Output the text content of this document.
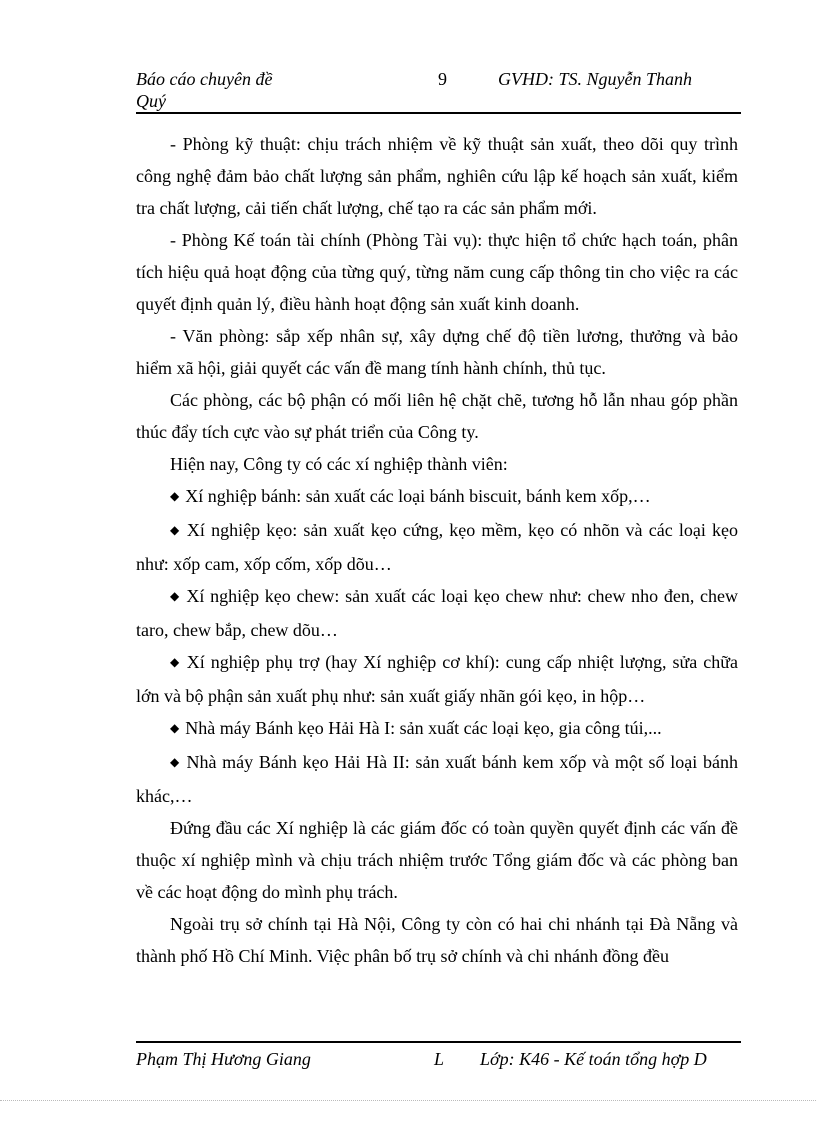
Báo cáo chuyên đề
Quý
9	GVHD: TS. Nguyễn Thanh

- Phòng kỹ thuật: chịu trách nhiệm về kỹ thuật sản xuất, theo dõi quy trình công nghệ đảm bảo chất lượng sản phẩm, nghiên cứu lập kế hoạch sản xuất, kiểm tra chất lượng, cải tiến chất lượng, chế tạo ra các sản phẩm mới.

- Phòng Kế toán tài chính (Phòng Tài vụ): thực hiện tổ chức hạch toán, phân tích hiệu quả hoạt động của từng quý, từng năm cung cấp thông tin cho việc ra các quyết định quản lý, điều hành hoạt động sản xuất kinh doanh.

- Văn phòng: sắp xếp nhân sự, xây dựng chế độ tiền lương, thưởng và bảo hiểm xã hội, giải quyết các vấn đề mang tính hành chính, thủ tục.

Các phòng, các bộ phận có mối liên hệ chặt chẽ, tương hỗ lẫn nhau góp phần thúc đẩy tích cực vào sự phát triển của Công ty.

Hiện nay, Công ty có các xí nghiệp thành viên:

◆ Xí nghiệp bánh: sản xuất các loại bánh biscuit, bánh kem xốp,…

◆ Xí nghiệp kẹo: sản xuất kẹo cứng, kẹo mềm, kẹo có nhõn và các loại kẹo như: xốp cam, xốp cốm, xốp dõu…

◆ Xí nghiệp kẹo chew: sản xuất các loại kẹo chew như: chew nho đen, chew taro, chew bắp, chew dõu…

◆ Xí nghiệp phụ trợ (hay Xí nghiệp cơ khí): cung cấp nhiệt lượng, sửa chữa lớn và bộ phận sản xuất phụ như: sản xuất giấy nhãn gói kẹo, in hộp…

◆ Nhà máy Bánh kẹo Hải Hà I: sản xuất các loại kẹo, gia công túi,...

◆ Nhà máy Bánh kẹo Hải Hà II: sản xuất bánh kem xốp và một số loại bánh khác,…

Đứng đầu các Xí nghiệp là các giám đốc có toàn quyền quyết định các vấn đề thuộc xí nghiệp mình và chịu trách nhiệm trước Tổng giám đốc và các phòng ban về các hoạt động do mình phụ trách.

Ngoài trụ sở chính tại Hà Nội, Công ty còn có hai chi nhánh tại Đà Nẵng và thành phố Hồ Chí Minh. Việc phân bố trụ sở chính và chi nhánh đồng đều

Phạm Thị Hương Giang	L Lớp: K46 - Kế toán tổng hợp D
